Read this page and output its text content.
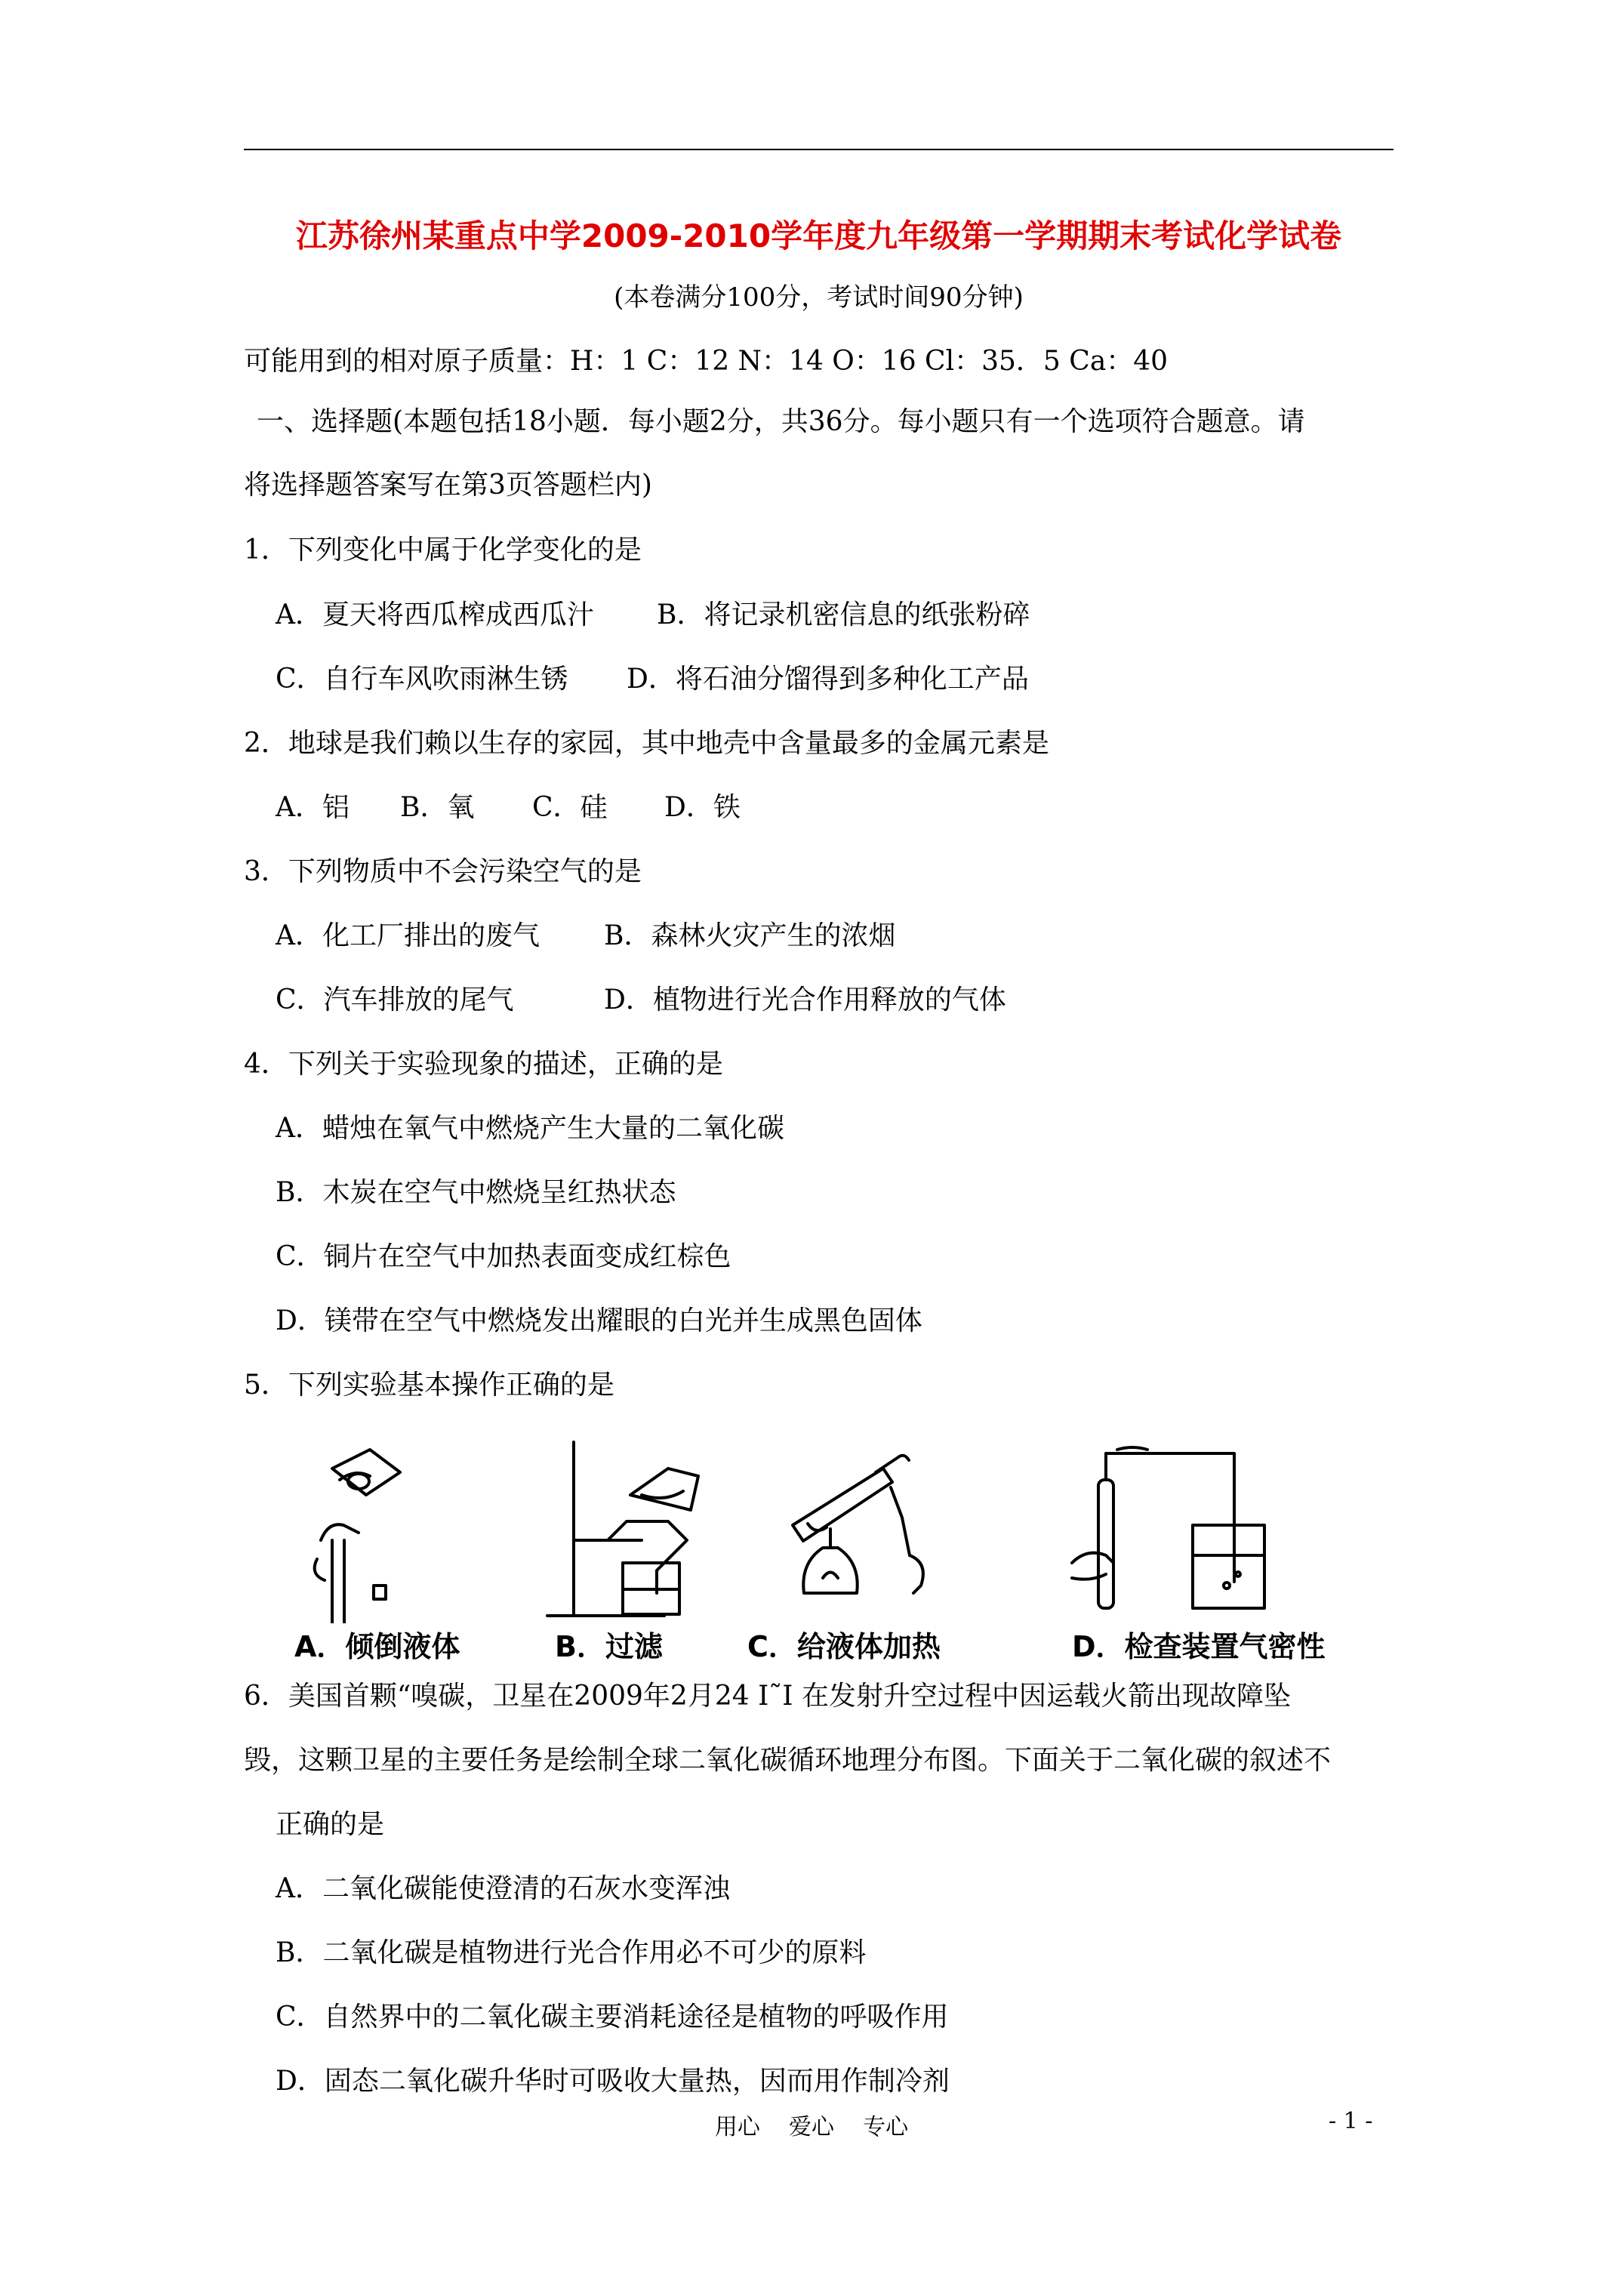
江苏徐州某重点中学2009-2010学年度九年级第一学期期末考试化学试卷
(本卷满分100分，考试时间90分钟)
可能用到的相对原子质量：H：1 C：12 N：14 O：16 Cl：35．5 Ca：40
一、选择题(本题包括18小题．每小题2分，共36分。每小题只有一个选项符合题意。请
将选择题答案写在第3页答题栏内)
1．下列变化中属于化学变化的是
A．夏天将西瓜榨成西瓜汁 B．将记录机密信息的纸张粉碎
C．自行车风吹雨淋生锈 D．将石油分馏得到多种化工产品
2．地球是我们赖以生存的家园，其中地壳中含量最多的金属元素是
A．铝 B．氧 C．硅 D．铁
3．下列物质中不会污染空气的是
A．化工厂排出的废气 B．森林火灾产生的浓烟
C．汽车排放的尾气	D．植物进行光合作用释放的气体
4．下列关于实验现象的描述，正确的是
A．蜡烛在氧气中燃烧产生大量的二氧化碳
B．木炭在空气中燃烧呈红热状态
C．铜片在空气中加热表面变成红棕色
D．镁带在空气中燃烧发出耀眼的白光并生成黑色固体
5．下列实验基本操作正确的是
A．倾倒液体	B．过滤	C．给液体加热	D．检查装置气密性
6．美国首颗“嗅碳，卫星在2009年2月24 I˜I 在发射升空过程中因运载火箭出现故障坠
毁，这颗卫星的主要任务是绘制全球二氧化碳循环地理分布图。下面关于二氧化碳的叙述不
正确的是
A．二氧化碳能使澄清的石灰水变浑浊
B．二氧化碳是植物进行光合作用必不可少的原料
C．自然界中的二氧化碳主要消耗途径是植物的呼吸作用
D．固态二氧化碳升华时可吸收大量热，因而用作制冷剂
用心    爱心    专心	- 1 -
